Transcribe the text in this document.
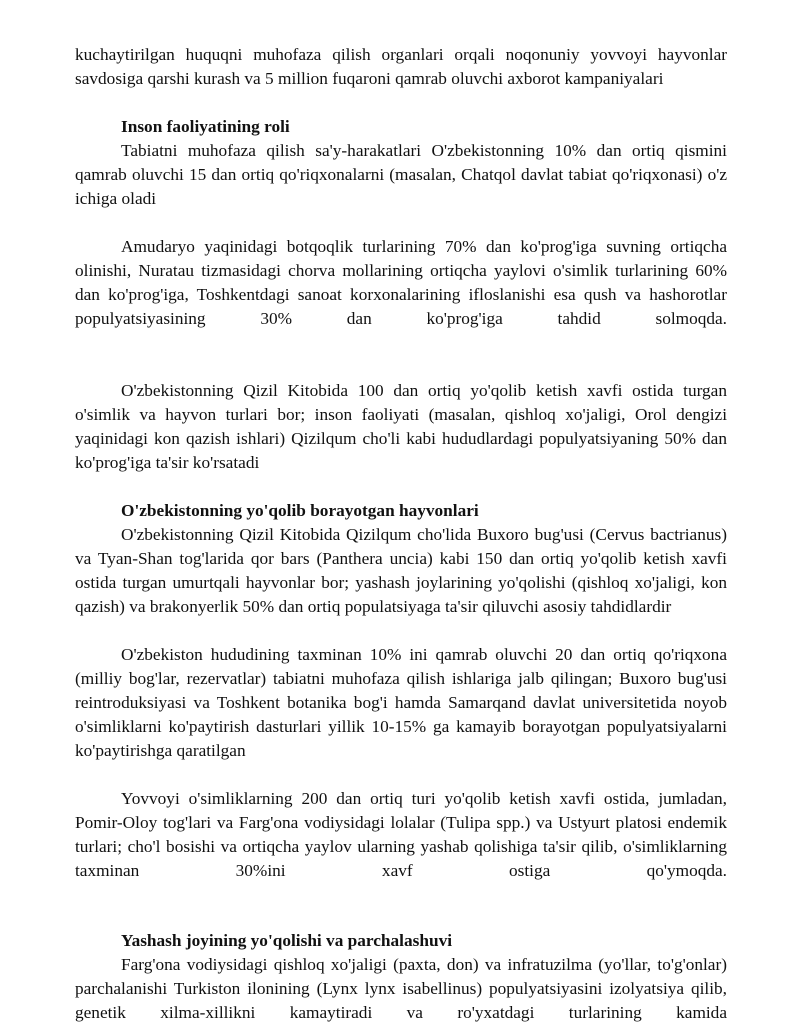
kuchaytirilgan huquqni muhofaza qilish organlari orqali noqonuniy yovvoyi hayvonlar savdosiga qarshi kurash va 5 million fuqaroni qamrab oluvchi axborot kampaniyalari

Inson faoliyatining roli

Tabiatni muhofaza qilish sa'y-harakatlari O'zbekistonning 10% dan ortiq qismini qamrab oluvchi 15 dan ortiq qo'riqxonalarni (masalan, Chatqol davlat tabiat qo'riqxonasi) o'z ichiga oladi

Amudaryo yaqinidagi botqoqlik turlarining 70% dan ko'prog'iga suvning ortiqcha olinishi, Nuratau tizmasidagi chorva mollarining ortiqcha yaylovi o'simlik turlarining 60% dan ko'prog'iga, Toshkentdagi sanoat korxonalarining ifloslanishi esa qush va hashorotlar populyatsiyasining 30% dan ko'prog'iga tahdid solmoqda.

O'zbekistonning Qizil Kitobida 100 dan ortiq yo'qolib ketish xavfi ostida turgan o'simlik va hayvon turlari bor; inson faoliyati (masalan, qishloq xo'jaligi, Orol dengizi yaqinidagi kon qazish ishlari) Qizilqum cho'li kabi hududlardagi populyatsiyaning 50% dan ko'prog'iga ta'sir ko'rsatadi

O'zbekistonning yo'qolib borayotgan hayvonlari

O'zbekistonning Qizil Kitobida Qizilqum cho'lida Buxoro bug'usi (Cervus bactrianus) va Tyan-Shan tog'larida qor bars (Panthera uncia) kabi 150 dan ortiq yo'qolib ketish xavfi ostida turgan umurtqali hayvonlar bor; yashash joylarining yo'qolishi (qishloq xo'jaligi, kon qazish) va brakonyerlik 50% dan ortiq populatsiyaga ta'sir qiluvchi asosiy tahdidlardir

O'zbekiston hududining taxminan 10% ini qamrab oluvchi 20 dan ortiq qo'riqxona (milliy bog'lar, rezervatlar) tabiatni muhofaza qilish ishlariga jalb qilingan; Buxoro bug'usi reintroduksiyasi va Toshkent botanika bog'i hamda Samarqand davlat universitetida noyob o'simliklarni ko'paytirish dasturlari yillik 10-15% ga kamayib borayotgan populyatsiyalarni ko'paytirishga qaratilgan

Yovvoyi o'simliklarning 200 dan ortiq turi yo'qolib ketish xavfi ostida, jumladan, Pomir-Oloy tog'lari va Farg'ona vodiysidagi lolalar (Tulipa spp.) va Ustyurt platosi endemik turlari; cho'l bosishi va ortiqcha yaylov ularning yashab qolishiga ta'sir qilib, o'simliklarning taxminan 30%ini xavf ostiga qo'ymoqda.

Yashash joyining yo'qolishi va parchalashuvi

Farg'ona vodiysidagi qishloq xo'jaligi (paxta, don) va infratuzilma (yo'llar, to'g'onlar) parchalanishi Turkiston ilonining (Lynx lynx isabellinus) populyatsiyasini izolyatsiya qilib, genetik xilma-xillikni kamaytiradi va ro'yxatdagi turlarining kamida
